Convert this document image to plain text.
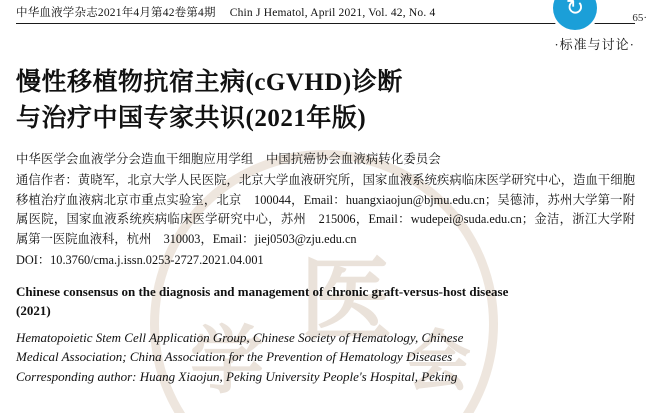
医
学 会
↻	65·
中华血液学杂志2021年4月第42卷第4期 Chin J Hematol, April 2021, Vol. 42, No. 4
·标准与讨论·
慢性移植物抗宿主病(cGVHD)诊断
与治疗中国专家共识(2021年版)
中华医学会血液学分会造血干细胞应用学组　中国抗癌协会血液病转化委员会
通信作者：黄晓军，北京大学人民医院，北京大学血液研究所，国家血液系统疾病临床医学研究中心，造血干细胞移植治疗血液病北京市重点实验室，北京　100044，Email：huangxiaojun@bjmu.edu.cn；吴德沛，苏州大学第一附属医院，国家血液系统疾病临床医学研究中心，苏州　215006，Email：wudepei@suda.edu.cn；金洁，浙江大学附属第一医院血液科，杭州　310003，Email：jiej0503@zju.edu.cn
DOI：10.3760/cma.j.issn.0253-2727.2021.04.001
Chinese consensus on the diagnosis and management of chronic graft-versus-host disease
(2021)
Hematopoietic Stem Cell Application Group, Chinese Society of Hematology, Chinese
Medical Association; China Association for the Prevention of Hematology Diseases
Corresponding author: Huang Xiaojun, Peking University People's Hospital, Peking
